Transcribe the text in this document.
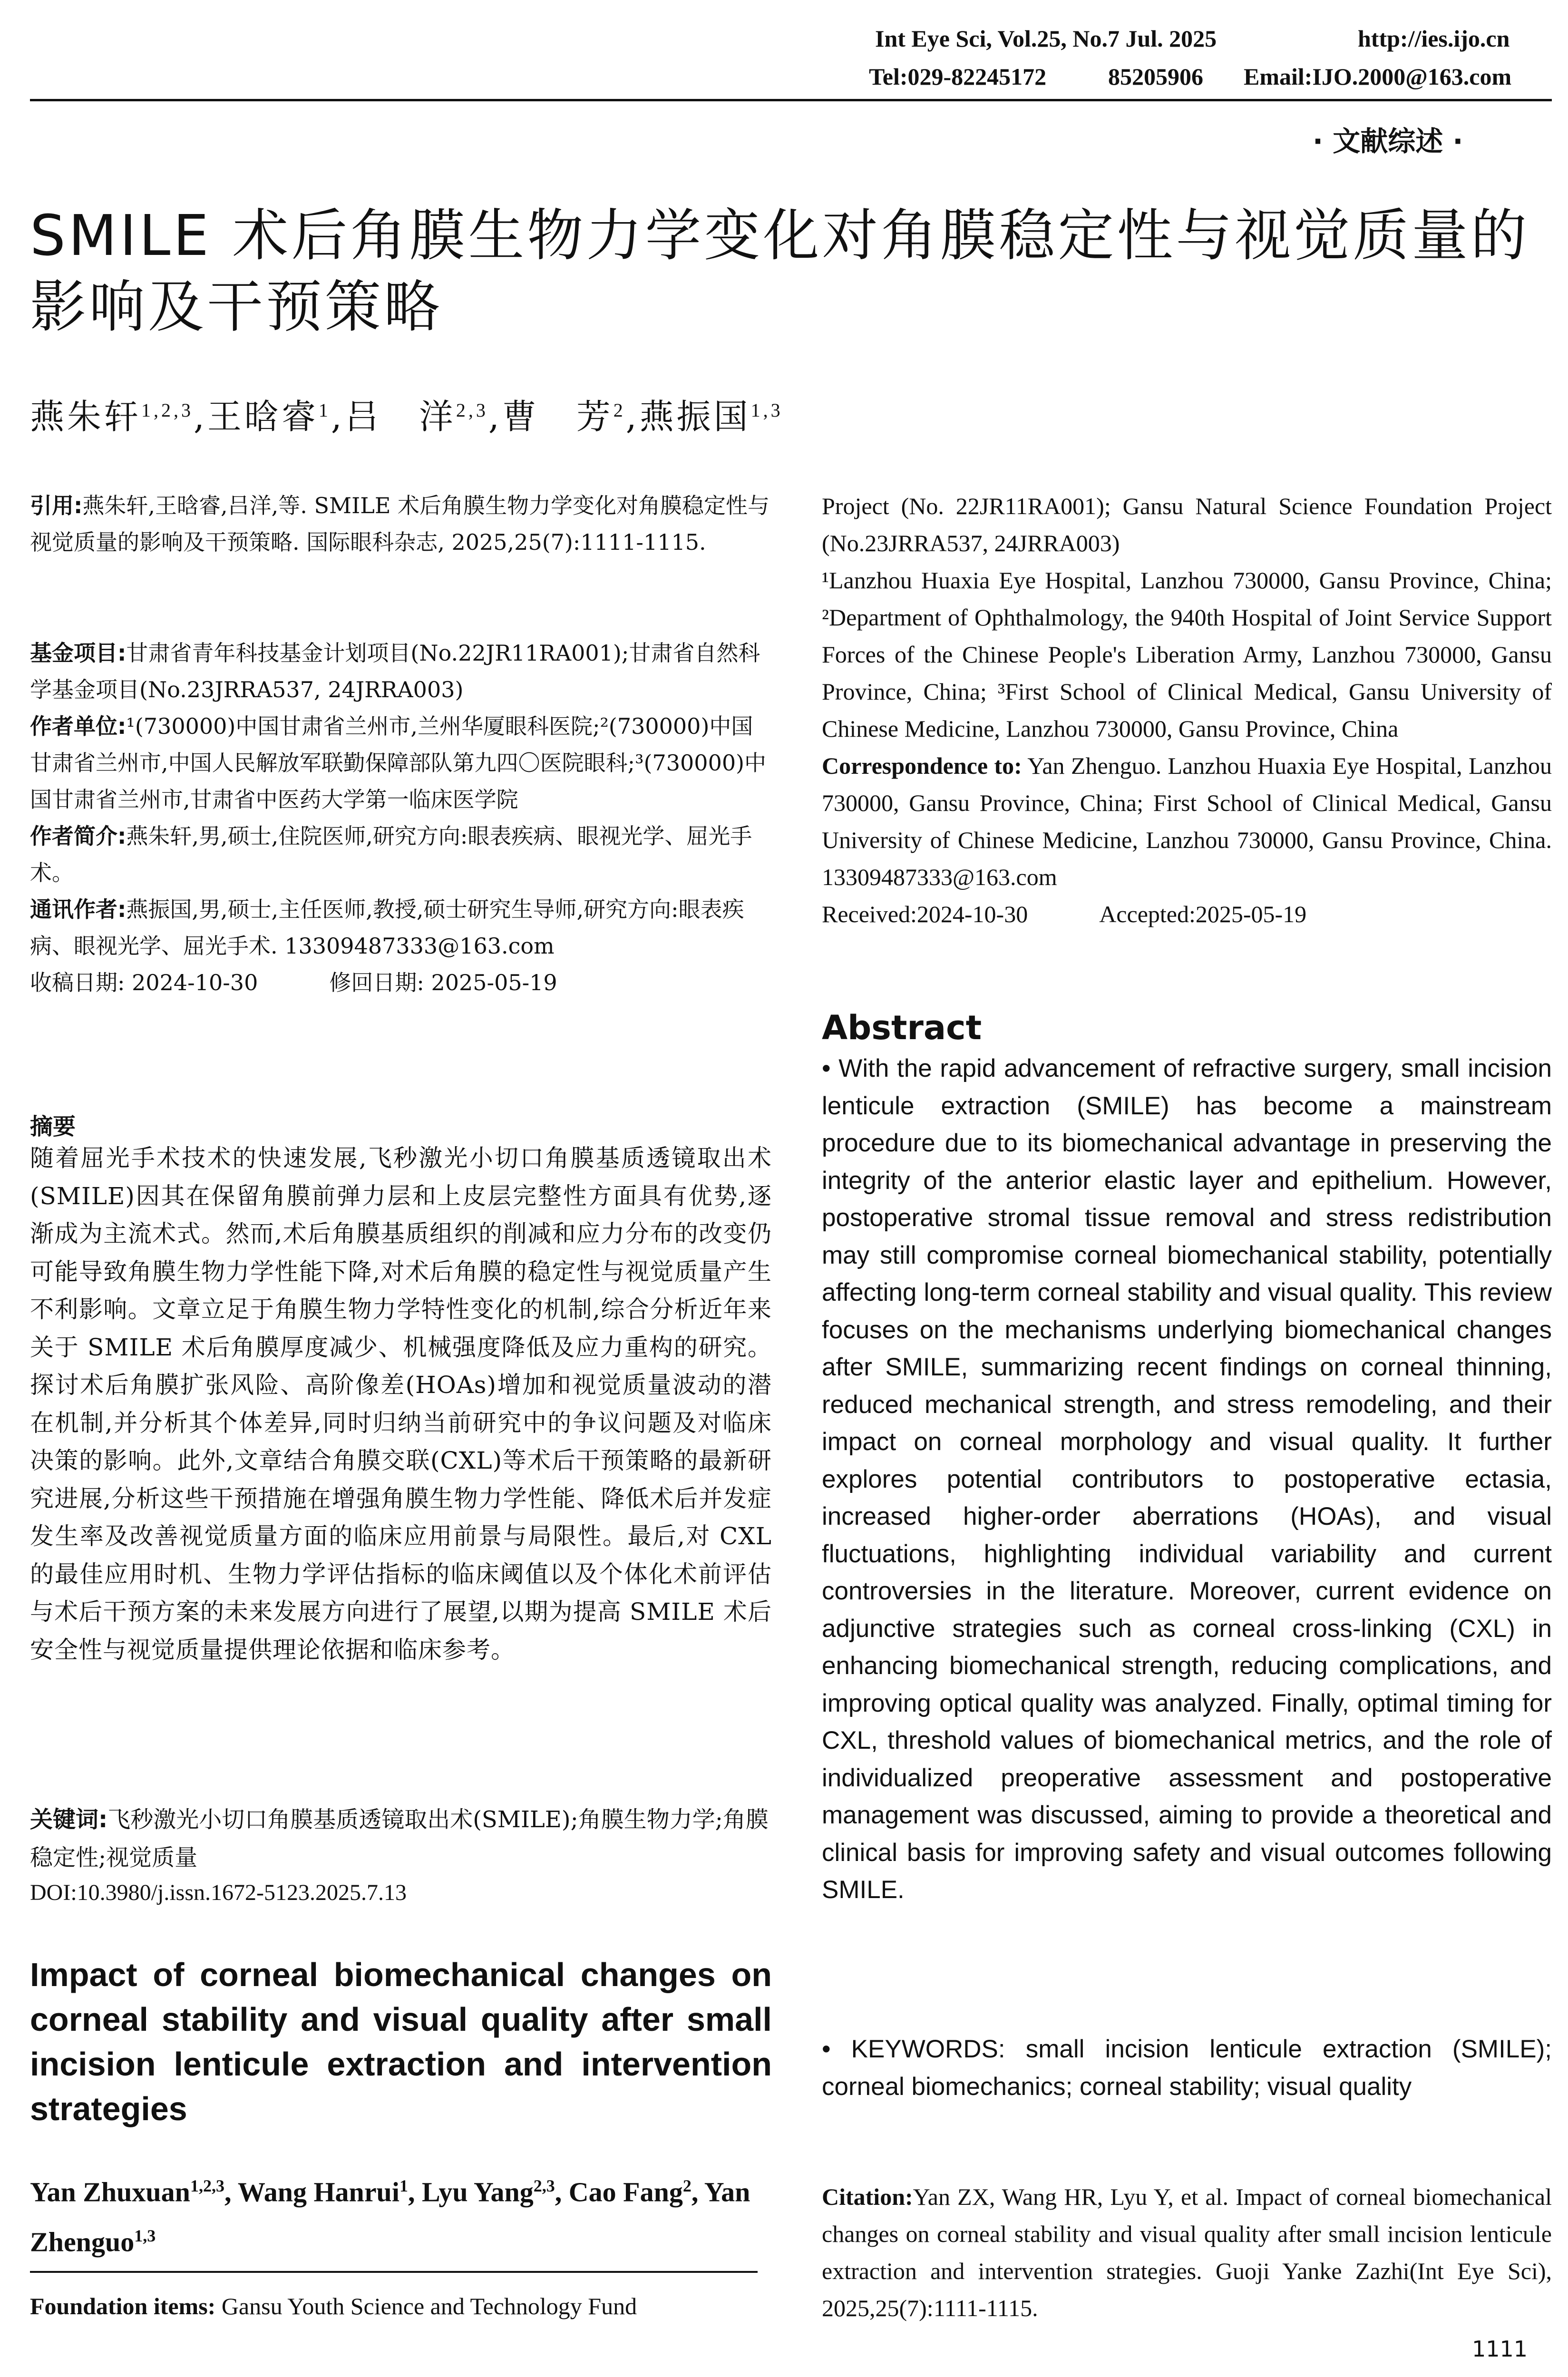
Int Eye Sci, Vol.25, No.7 Jul. 2025	http://ies.ijo.cn
Tel:029-82245172	85205906 Email:IJO.2000@163.com
· 文献综述 ·
SMILE 术后角膜生物力学变化对角膜稳定性与视觉质量的影响及干预策略
燕朱轩$^{1,2,3}$,王晗睿$^1$,吕　洋$^{2,3}$,曹　芳$^2$,燕振国$^{1,3}$
引用:燕朱轩,王晗睿,吕洋,等. SMILE 术后角膜生物力学变化对角膜稳定性与视觉质量的影响及干预策略. 国际眼科杂志, 2025,25(7):1111-1115.
基金项目:甘肃省青年科技基金计划项目(No.22JR11RA001);甘肃省自然科学基金项目(No.23JRRA537, 24JRRA003)
作者单位:¹(730000)中国甘肃省兰州市,兰州华厦眼科医院;²(730000)中国甘肃省兰州市,中国人民解放军联勤保障部队第九四〇医院眼科;³(730000)中国甘肃省兰州市,甘肃省中医药大学第一临床医学院
作者简介:燕朱轩,男,硕士,住院医师,研究方向:眼表疾病、眼视光学、屈光手术。
通讯作者:燕振国,男,硕士,主任医师,教授,硕士研究生导师,研究方向:眼表疾病、眼视光学、屈光手术. 13309487333@163.com
收稿日期: 2024-10-30	修回日期: 2025-05-19
摘要
随着屈光手术技术的快速发展,飞秒激光小切口角膜基质透镜取出术(SMILE)因其在保留角膜前弹力层和上皮层完整性方面具有优势,逐渐成为主流术式。然而,术后角膜基质组织的削减和应力分布的改变仍可能导致角膜生物力学性能下降,对术后角膜的稳定性与视觉质量产生不利影响。文章立足于角膜生物力学特性变化的机制,综合分析近年来关于 SMILE 术后角膜厚度减少、机械强度降低及应力重构的研究。探讨术后角膜扩张风险、高阶像差(HOAs)增加和视觉质量波动的潜在机制,并分析其个体差异,同时归纳当前研究中的争议问题及对临床决策的影响。此外,文章结合角膜交联(CXL)等术后干预策略的最新研究进展,分析这些干预措施在增强角膜生物力学性能、降低术后并发症发生率及改善视觉质量方面的临床应用前景与局限性。最后,对 CXL 的最佳应用时机、生物力学评估指标的临床阈值以及个体化术前评估与术后干预方案的未来发展方向进行了展望,以期为提高 SMILE 术后安全性与视觉质量提供理论依据和临床参考。
关键词:飞秒激光小切口角膜基质透镜取出术(SMILE);角膜生物力学;角膜稳定性;视觉质量
DOI:10.3980/j.issn.1672-5123.2025.7.13
Impact of corneal biomechanical changes on corneal stability and visual quality after small incision lenticule extraction and intervention strategies
Yan Zhuxuan$^{1,2,3}$, Wang Hanrui$^1$, Lyu Yang$^{2,3}$, Cao Fang$^2$, Yan Zhenguo$^{1,3}$
Foundation items: Gansu Youth Science and Technology Fund
Project (No. 22JR11RA001); Gansu Natural Science Foundation Project (No.23JRRA537, 24JRRA003)
¹Lanzhou Huaxia Eye Hospital, Lanzhou 730000, Gansu Province, China; ²Department of Ophthalmology, the 940th Hospital of Joint Service Support Forces of the Chinese People's Liberation Army, Lanzhou 730000, Gansu Province, China; ³First School of Clinical Medical, Gansu University of Chinese Medicine, Lanzhou 730000, Gansu Province, China
Correspondence to: Yan Zhenguo. Lanzhou Huaxia Eye Hospital, Lanzhou 730000, Gansu Province, China; First School of Clinical Medical, Gansu University of Chinese Medicine, Lanzhou 730000, Gansu Province, China. 13309487333@163.com
Received:2024-10-30	Accepted:2025-05-19
Abstract
• With the rapid advancement of refractive surgery, small incision lenticule extraction (SMILE) has become a mainstream procedure due to its biomechanical advantage in preserving the integrity of the anterior elastic layer and epithelium. However, postoperative stromal tissue removal and stress redistribution may still compromise corneal biomechanical stability, potentially affecting long-term corneal stability and visual quality. This review focuses on the mechanisms underlying biomechanical changes after SMILE, summarizing recent findings on corneal thinning, reduced mechanical strength, and stress remodeling, and their impact on corneal morphology and visual quality. It further explores potential contributors to postoperative ectasia, increased higher-order aberrations (HOAs), and visual fluctuations, highlighting individual variability and current controversies in the literature. Moreover, current evidence on adjunctive strategies such as corneal cross-linking (CXL) in enhancing biomechanical strength, reducing complications, and improving optical quality was analyzed. Finally, optimal timing for CXL, threshold values of biomechanical metrics, and the role of individualized preoperative assessment and postoperative management was discussed, aiming to provide a theoretical and clinical basis for improving safety and visual outcomes following SMILE.
• KEYWORDS: small incision lenticule extraction (SMILE); corneal biomechanics; corneal stability; visual quality
Citation:Yan ZX, Wang HR, Lyu Y, et al. Impact of corneal biomechanical changes on corneal stability and visual quality after small incision lenticule extraction and intervention strategies. Guoji Yanke Zazhi(Int Eye Sci), 2025,25(7):1111-1115.
1111
